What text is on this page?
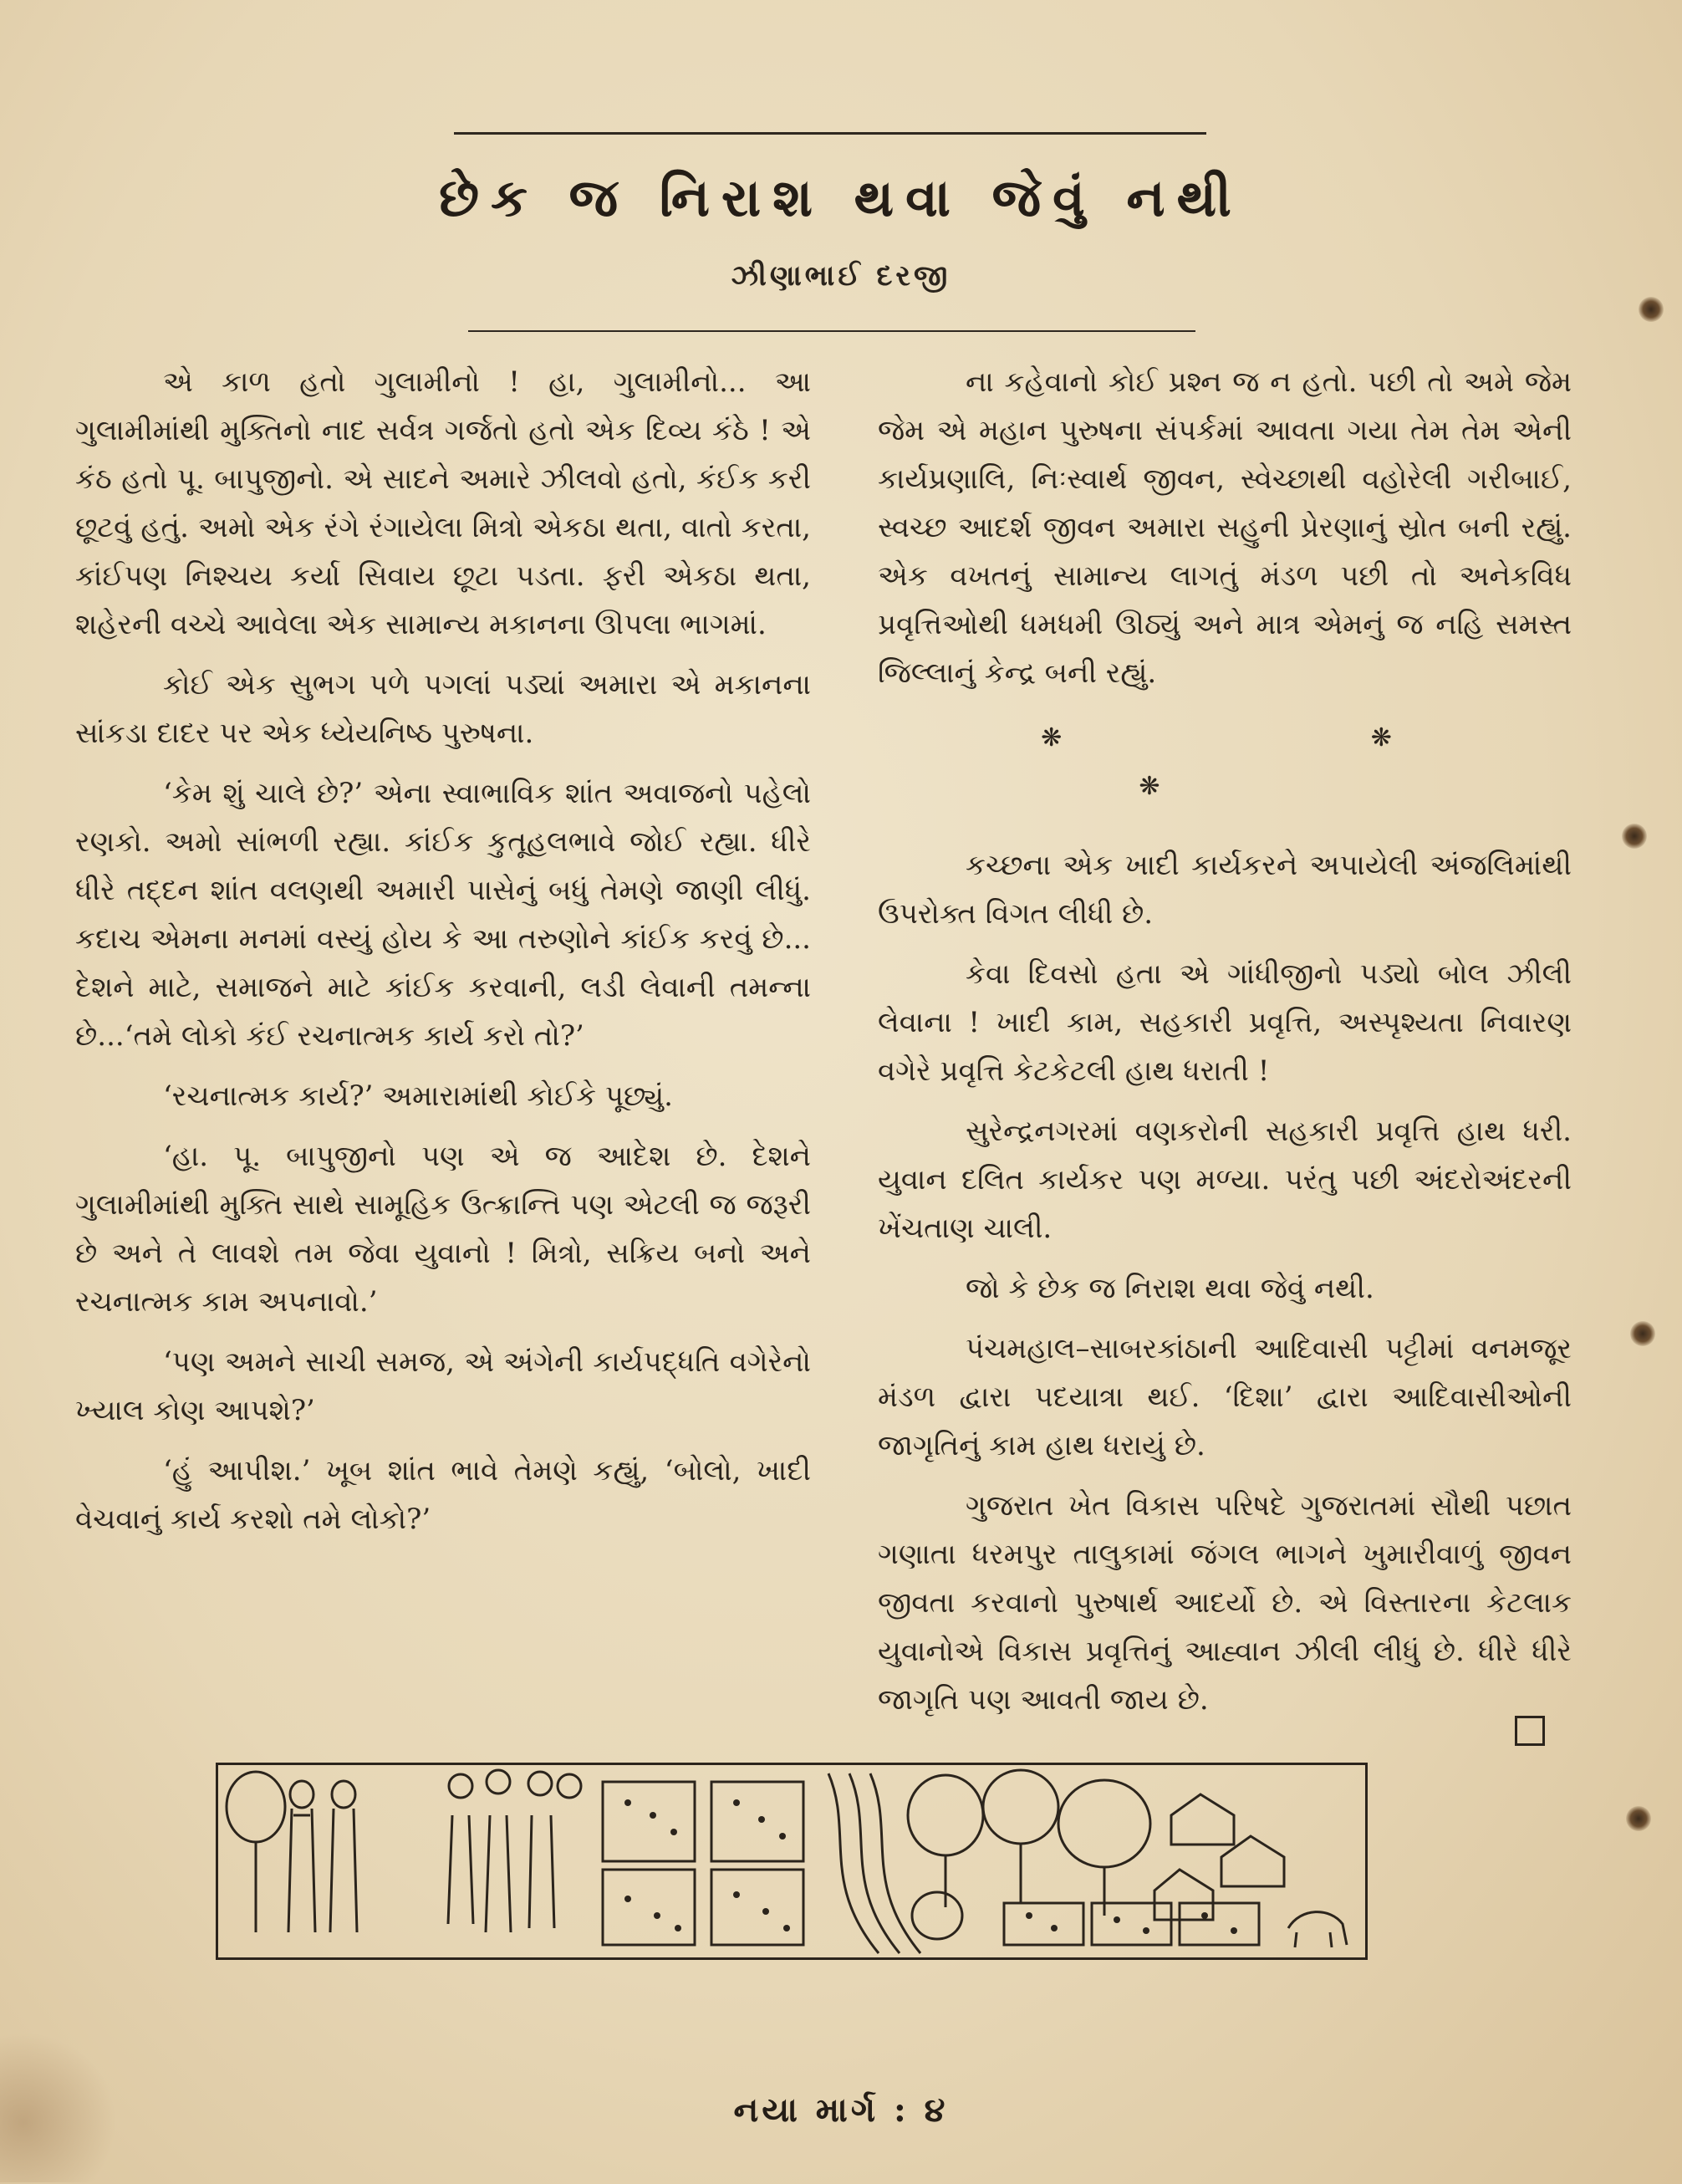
છેક જ નિરાશ થવા જેવું નથી
ઝીણાભાઈ દરજી

એ કાળ હતો ગુલામીનો ! હા, ગુલામીનો... આ ગુલામીમાંથી મુક્તિનો નાદ સર્વત્ર ગર્જતો હતો એક દિવ્ય કંઠે ! એ કંઠ હતો પૂ. બાપુજીનો. એ સાદને અમારે ઝીલવો હતો, કંઈક કરી છૂટવું હતું. અમો એક રંગે રંગાયેલા મિત્રો એકઠા થતા, વાતો કરતા, કાંઈપણ નિશ્ચય કર્યા સિવાય છૂટા પડતા. ફરી એકઠા થતા, શહેરની વચ્ચે આવેલા એક સામાન્ય મકાનના ઊપલા ભાગમાં.

કોઈ એક સુભગ પળે પગલાં પડ્યાં અમારા એ મકાનના સાંકડા દાદર પર એક ધ્યેયનિષ્ઠ પુરુષના.

‘કેમ શું ચાલે છે?’ એના સ્વાભાવિક શાંત અવાજનો પહેલો રણકો. અમો સાંભળી રહ્યા. કાંઈક કુતૂહલભાવે જોઈ રહ્યા. ધીરે ધીરે તદ્દન શાંત વલણથી અમારી પાસેનું બધું તેમણે જાણી લીધું. કદાચ એમના મનમાં વસ્યું હોય કે આ તરુણોને કાંઈક કરવું છે... દેશને માટે, સમાજને માટે કાંઈક કરવાની, લડી લેવાની તમન્ના છે...‘તમે લોકો કંઈ રચનાત્મક કાર્ય કરો તો?’

‘રચનાત્મક કાર્ય?’ અમારામાંથી કોઈકે પૂછ્યું.

‘હા. પૂ. બાપુજીનો પણ એ જ આદેશ છે. દેશને ગુલામીમાંથી મુક્તિ સાથે સામૂહિક ઉત્ક્રાન્તિ પણ એટલી જ જરૂરી છે અને તે લાવશે તમ જેવા યુવાનો ! મિત્રો, સક્રિય બનો અને રચનાત્મક કામ અપનાવો.’

‘પણ અમને સાચી સમજ, એ અંગેની કાર્યપદ્ધતિ વગેરેનો ખ્યાલ કોણ આપશે?’

‘હું આપીશ.’ ખૂબ શાંત ભાવે તેમણે કહ્યું, ‘બોલો, ખાદી વેચવાનું કાર્ય કરશો તમે લોકો?’

ના કહેવાનો કોઈ પ્રશ્ન જ ન હતો. પછી તો અમે જેમ જેમ એ મહાન પુરુષના સંપર્કમાં આવતા ગયા તેમ તેમ એની કાર્યપ્રણાલિ, નિઃસ્વાર્થ જીવન, સ્વેચ્છાથી વહોરેલી ગરીબાઈ, સ્વચ્છ આદર્શ જીવન અમારા સહુની પ્રેરણાનું સ્રોત બની રહ્યું. એક વખતનું સામાન્ય લાગતું મંડળ પછી તો અનેકવિધ પ્રવૃત્તિઓથી ધમધમી ઊઠ્યું અને માત્ર એમનું જ નહિ સમસ્ત જિલ્લાનું કેન્દ્ર બની રહ્યું.

❋ ❋ ❋

કચ્છના એક ખાદી કાર્યકરને અપાયેલી અંજલિમાંથી ઉપરોક્ત વિગત લીધી છે.

કેવા દિવસો હતા એ ગાંધીજીનો પડ્યો બોલ ઝીલી લેવાના ! ખાદી કામ, સહકારી પ્રવૃત્તિ, અસ્પૃશ્યતા નિવારણ વગેરે પ્રવૃત્તિ કેટકેટલી હાથ ધરાતી !

સુરેન્દ્રનગરમાં વણકરોની સહકારી પ્રવૃત્તિ હાથ ધરી. યુવાન દલિત કાર્યકર પણ મળ્યા. પરંતુ પછી અંદરોઅંદરની ખેંચતાણ ચાલી.

જો કે છેક જ નિરાશ થવા જેવું નથી.

પંચમહાલ–સાબરકાંઠાની આદિવાસી પટ્ટીમાં વનમજૂર મંડળ દ્વારા પદયાત્રા થઈ. ‘દિશા’ દ્વારા આદિવાસીઓની જાગૃતિનું કામ હાથ ધરાયું છે.

ગુજરાત ખેત વિકાસ પરિષદે ગુજરાતમાં સૌથી પછાત ગણાતા ધરમપુર તાલુકામાં જંગલ ભાગને ખુમારીવાળું જીવન જીવતા કરવાનો પુરુષાર્થ આદર્યો છે. એ વિસ્તારના કેટલાક યુવાનોએ વિકાસ પ્રવૃત્તિનું આહ્વાન ઝીલી લીધું છે. ધીરે ધીરે જાગૃતિ પણ આવતી જાય છે.

નયા માર્ગ : ૪
